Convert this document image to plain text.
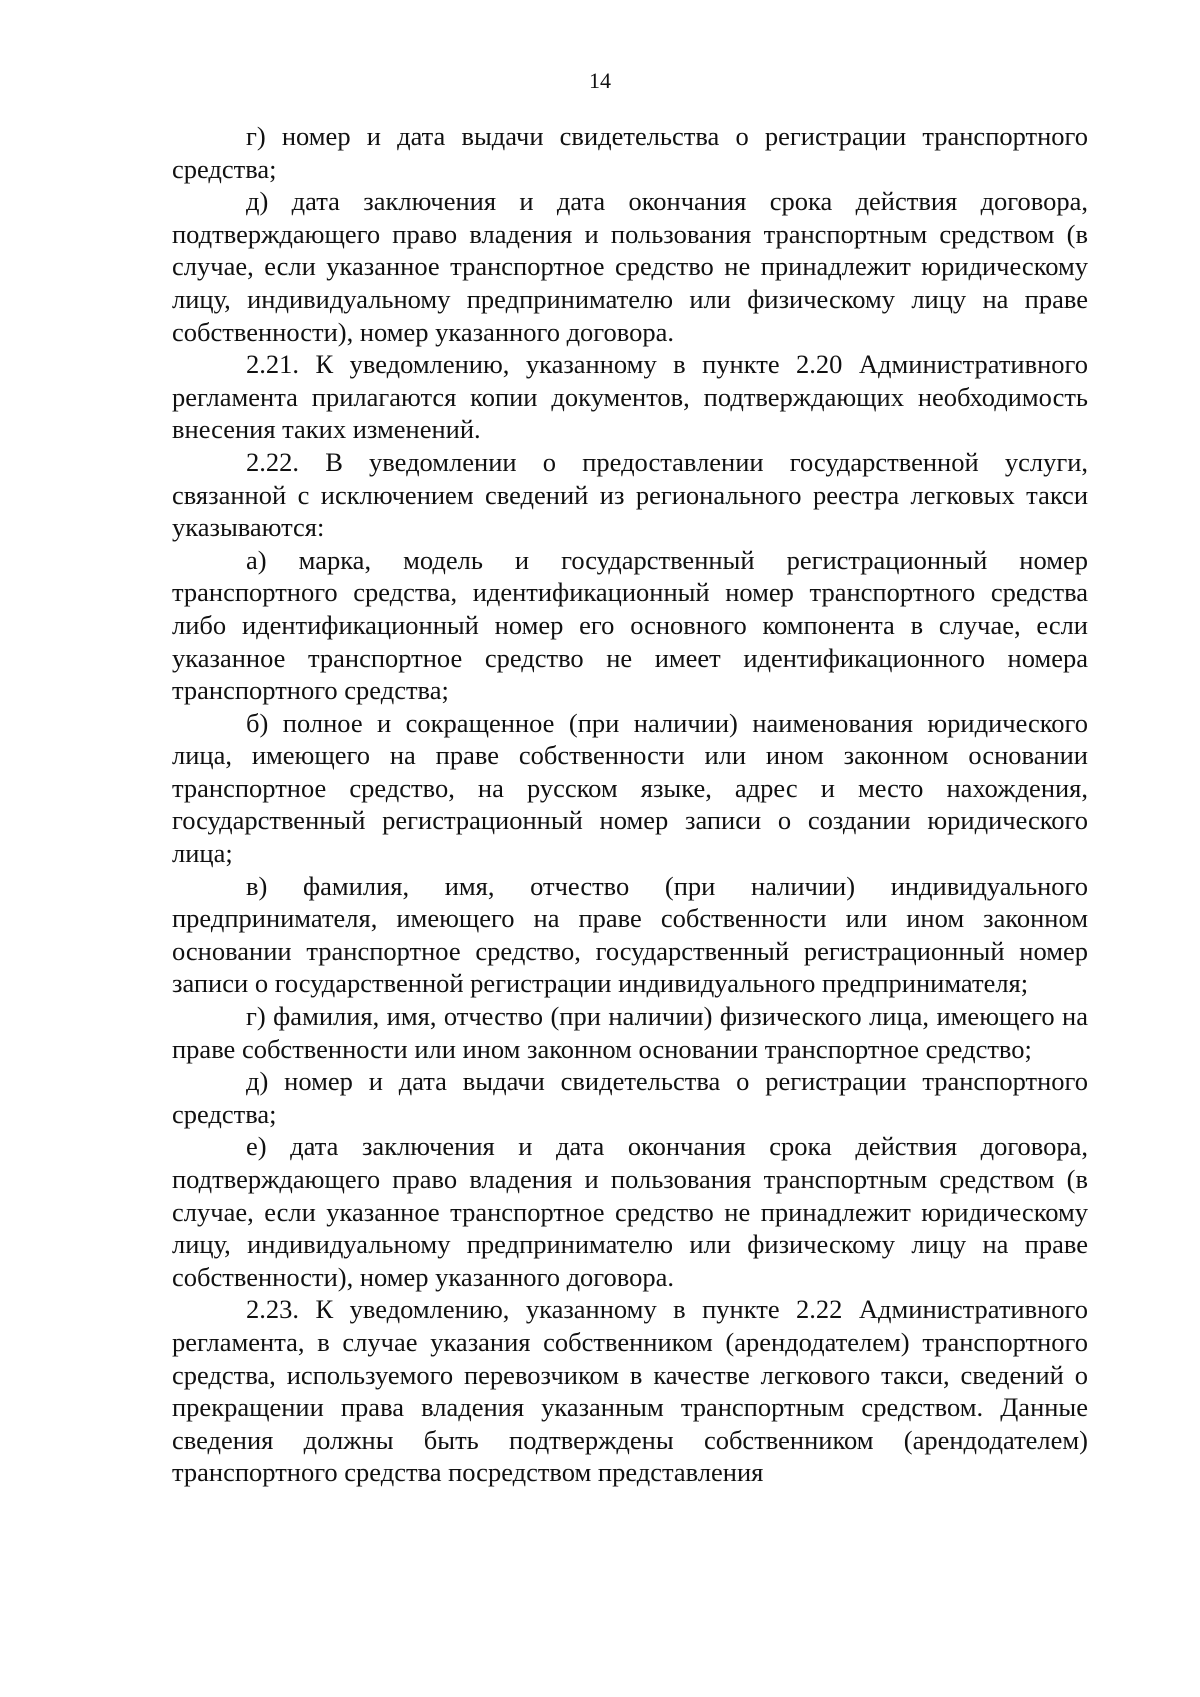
14

г) номер и дата выдачи свидетельства о регистрации транспортного средства;

д) дата заключения и дата окончания срока действия договора, подтверждающего право владения и пользования транспортным средством (в случае, если указанное транспортное средство не принадлежит юридическому лицу, индивидуальному предпринимателю или физическому лицу на праве собственности), номер указанного договора.

2.21. К уведомлению, указанному в пункте 2.20 Административного регламента прилагаются копии документов, подтверждающих необходимость внесения таких изменений.

2.22. В уведомлении о предоставлении государственной услуги, связанной с исключением сведений из регионального реестра легковых такси указываются:

а) марка, модель и государственный регистрационный номер транспортного средства, идентификационный номер транспортного средства либо идентификационный номер его основного компонента в случае, если указанное транспортное средство не имеет идентификационного номера транспортного средства;

б) полное и сокращенное (при наличии) наименования юридического лица, имеющего на праве собственности или ином законном основании транспортное средство, на русском языке, адрес и место нахождения, государственный регистрационный номер записи о создании юридического лица;

в) фамилия, имя, отчество (при наличии) индивидуального предпринимателя, имеющего на праве собственности или ином законном основании транспортное средство, государственный регистрационный номер записи о государственной регистрации индивидуального предпринимателя;

г) фамилия, имя, отчество (при наличии) физического лица, имеющего на праве собственности или ином законном основании транспортное средство;

д) номер и дата выдачи свидетельства о регистрации транспортного средства;

е) дата заключения и дата окончания срока действия договора, подтверждающего право владения и пользования транспортным средством (в случае, если указанное транспортное средство не принадлежит юридическому лицу, индивидуальному предпринимателю или физическому лицу на праве собственности), номер указанного договора.

2.23. К уведомлению, указанному в пункте 2.22 Административного регламента, в случае указания собственником (арендодателем) транспортного средства, используемого перевозчиком в качестве легкового такси, сведений о прекращении права владения указанным транспортным средством. Данные сведения должны быть подтверждены собственником (арендодателем) транспортного средства посредством представления
